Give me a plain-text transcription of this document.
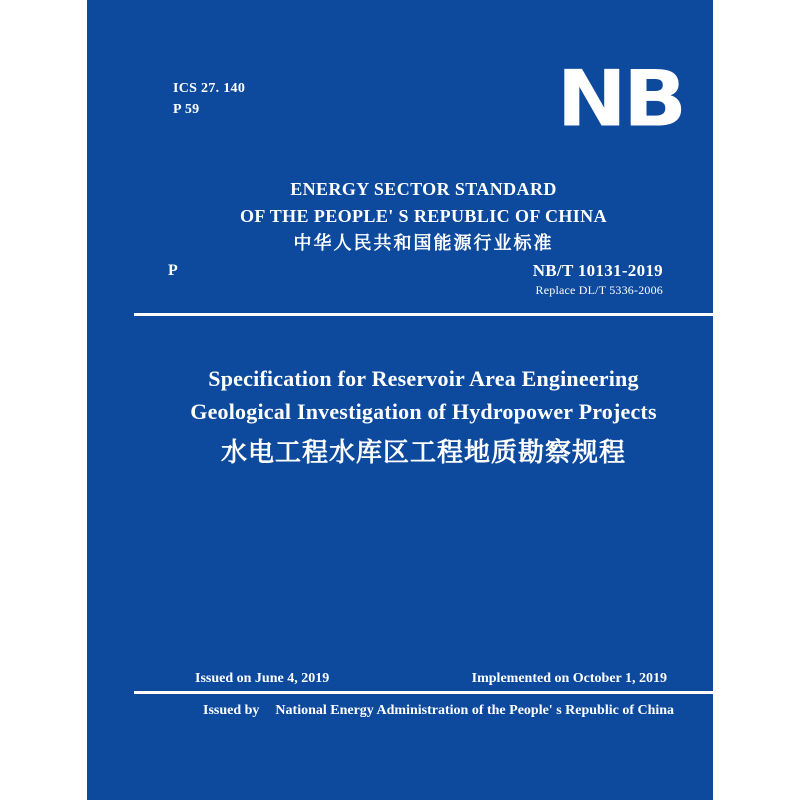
ICS 27. 140
P 59	NB
ENERGY SECTOR STANDARD
OF THE PEOPLE' S REPUBLIC OF CHINA
中华人民共和国能源行业标准
P	NB/T 10131-2019
Replace DL/T 5336-2006
Specification for Reservoir Area Engineering
Geological Investigation of Hydropower Projects
水电工程水库区工程地质勘察规程
Issued on June 4, 2019	Implemented on October 1, 2019
Issued by National Energy Administration of the People' s Republic of China
